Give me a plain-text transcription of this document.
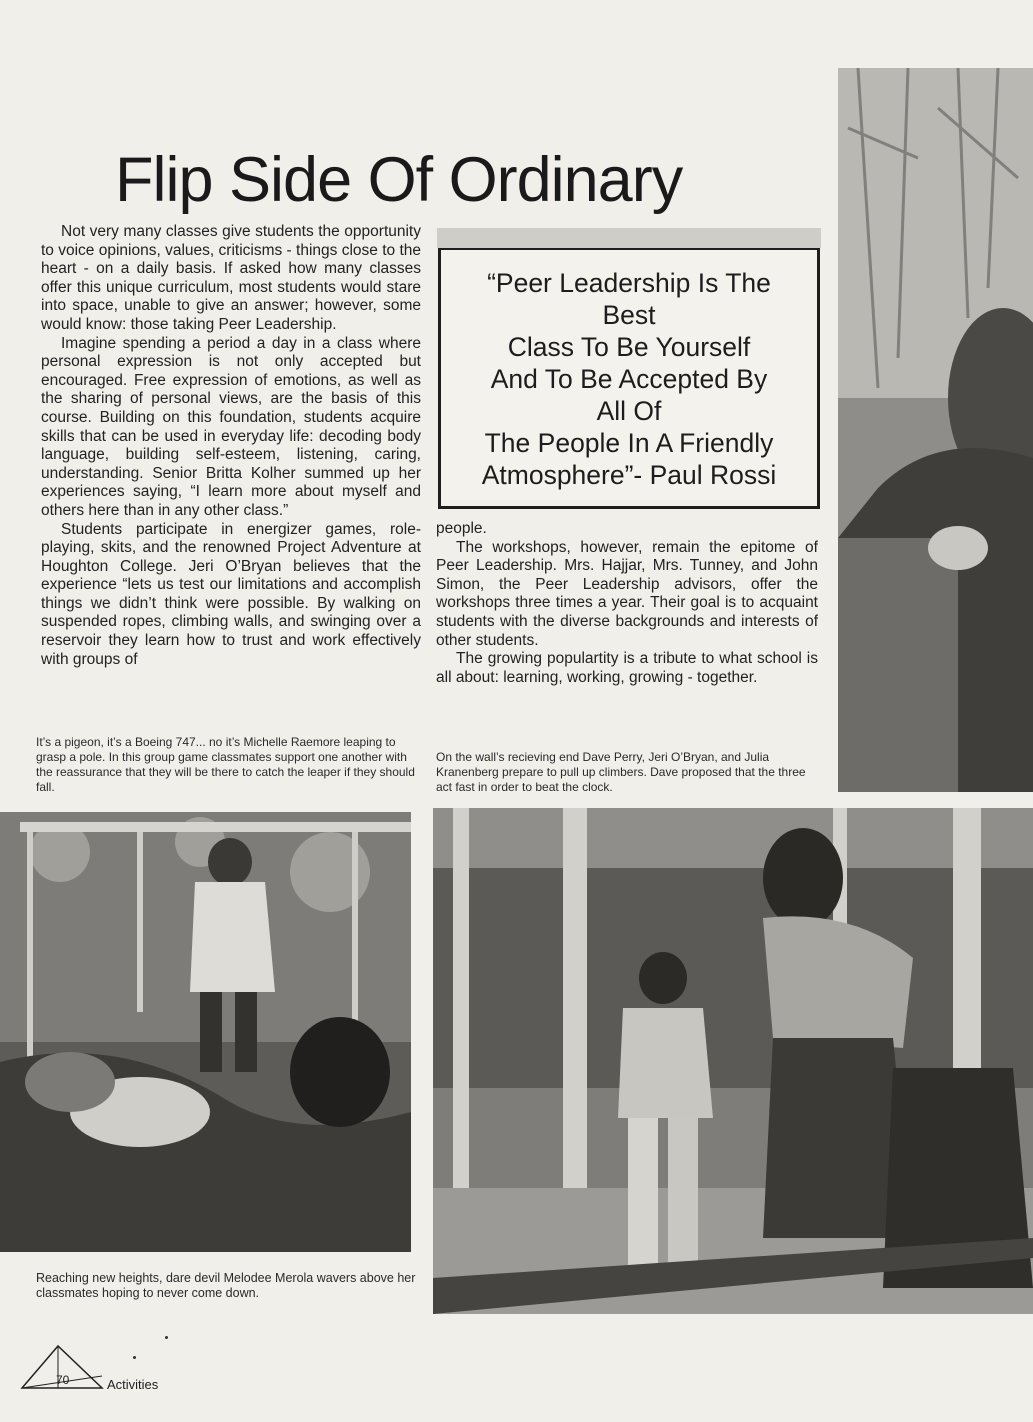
Flip Side Of Ordinary

Not very many classes give students the opportunity to voice opinions, values, criticisms - things close to the heart - on a daily basis. If asked how many classes offer this unique curriculum, most students would stare into space, unable to give an answer; however, some would know: those taking Peer Leadership.

Imagine spending a period a day in a class where personal expression is not only accepted but encouraged. Free expression of emotions, as well as the sharing of personal views, are the basis of this course. Building on this foundation, students acquire skills that can be used in everyday life: decoding body language, building self-esteem, listening, caring, understanding. Senior Britta Kolher summed up her experiences saying, “I learn more about myself and others here than in any other class.”

Students participate in energizer games, role-playing, skits, and the renowned Project Adventure at Houghton College. Jeri O’Bryan believes that the experience “lets us test our limitations and accomplish things we didn’t think were possible. By walking on suspended ropes, climbing walls, and swinging over a reservoir they learn how to trust and work effectively with groups of

“Peer Leadership Is The
Best
Class To Be Yourself
And To Be Accepted By
All Of
The People In A Friendly
Atmosphere”- Paul Rossi

people.

The workshops, however, remain the epitome of Peer Leadership. Mrs. Hajjar, Mrs. Tunney, and John Simon, the Peer Leadership advisors, offer the workshops three times a year. Their goal is to acquaint students with the diverse backgrounds and interests of other students.

The growing populartity is a tribute to what school is all about: learning, working, growing - together.

It’s a pigeon, it’s a Boeing 747... no it’s Michelle Raemore leaping to grasp a pole. In this group game classmates support one another with the reassurance that they will be there to catch the leaper if they should fall.
On the wall’s recieving end Dave Perry, Jeri O’Bryan, and Julia Kranenberg prepare to pull up climbers. Dave proposed that the three act fast in order to beat the clock.
Reaching new heights, dare devil Melodee Merola wavers above her classmates hoping to never come down.
70	Activities
